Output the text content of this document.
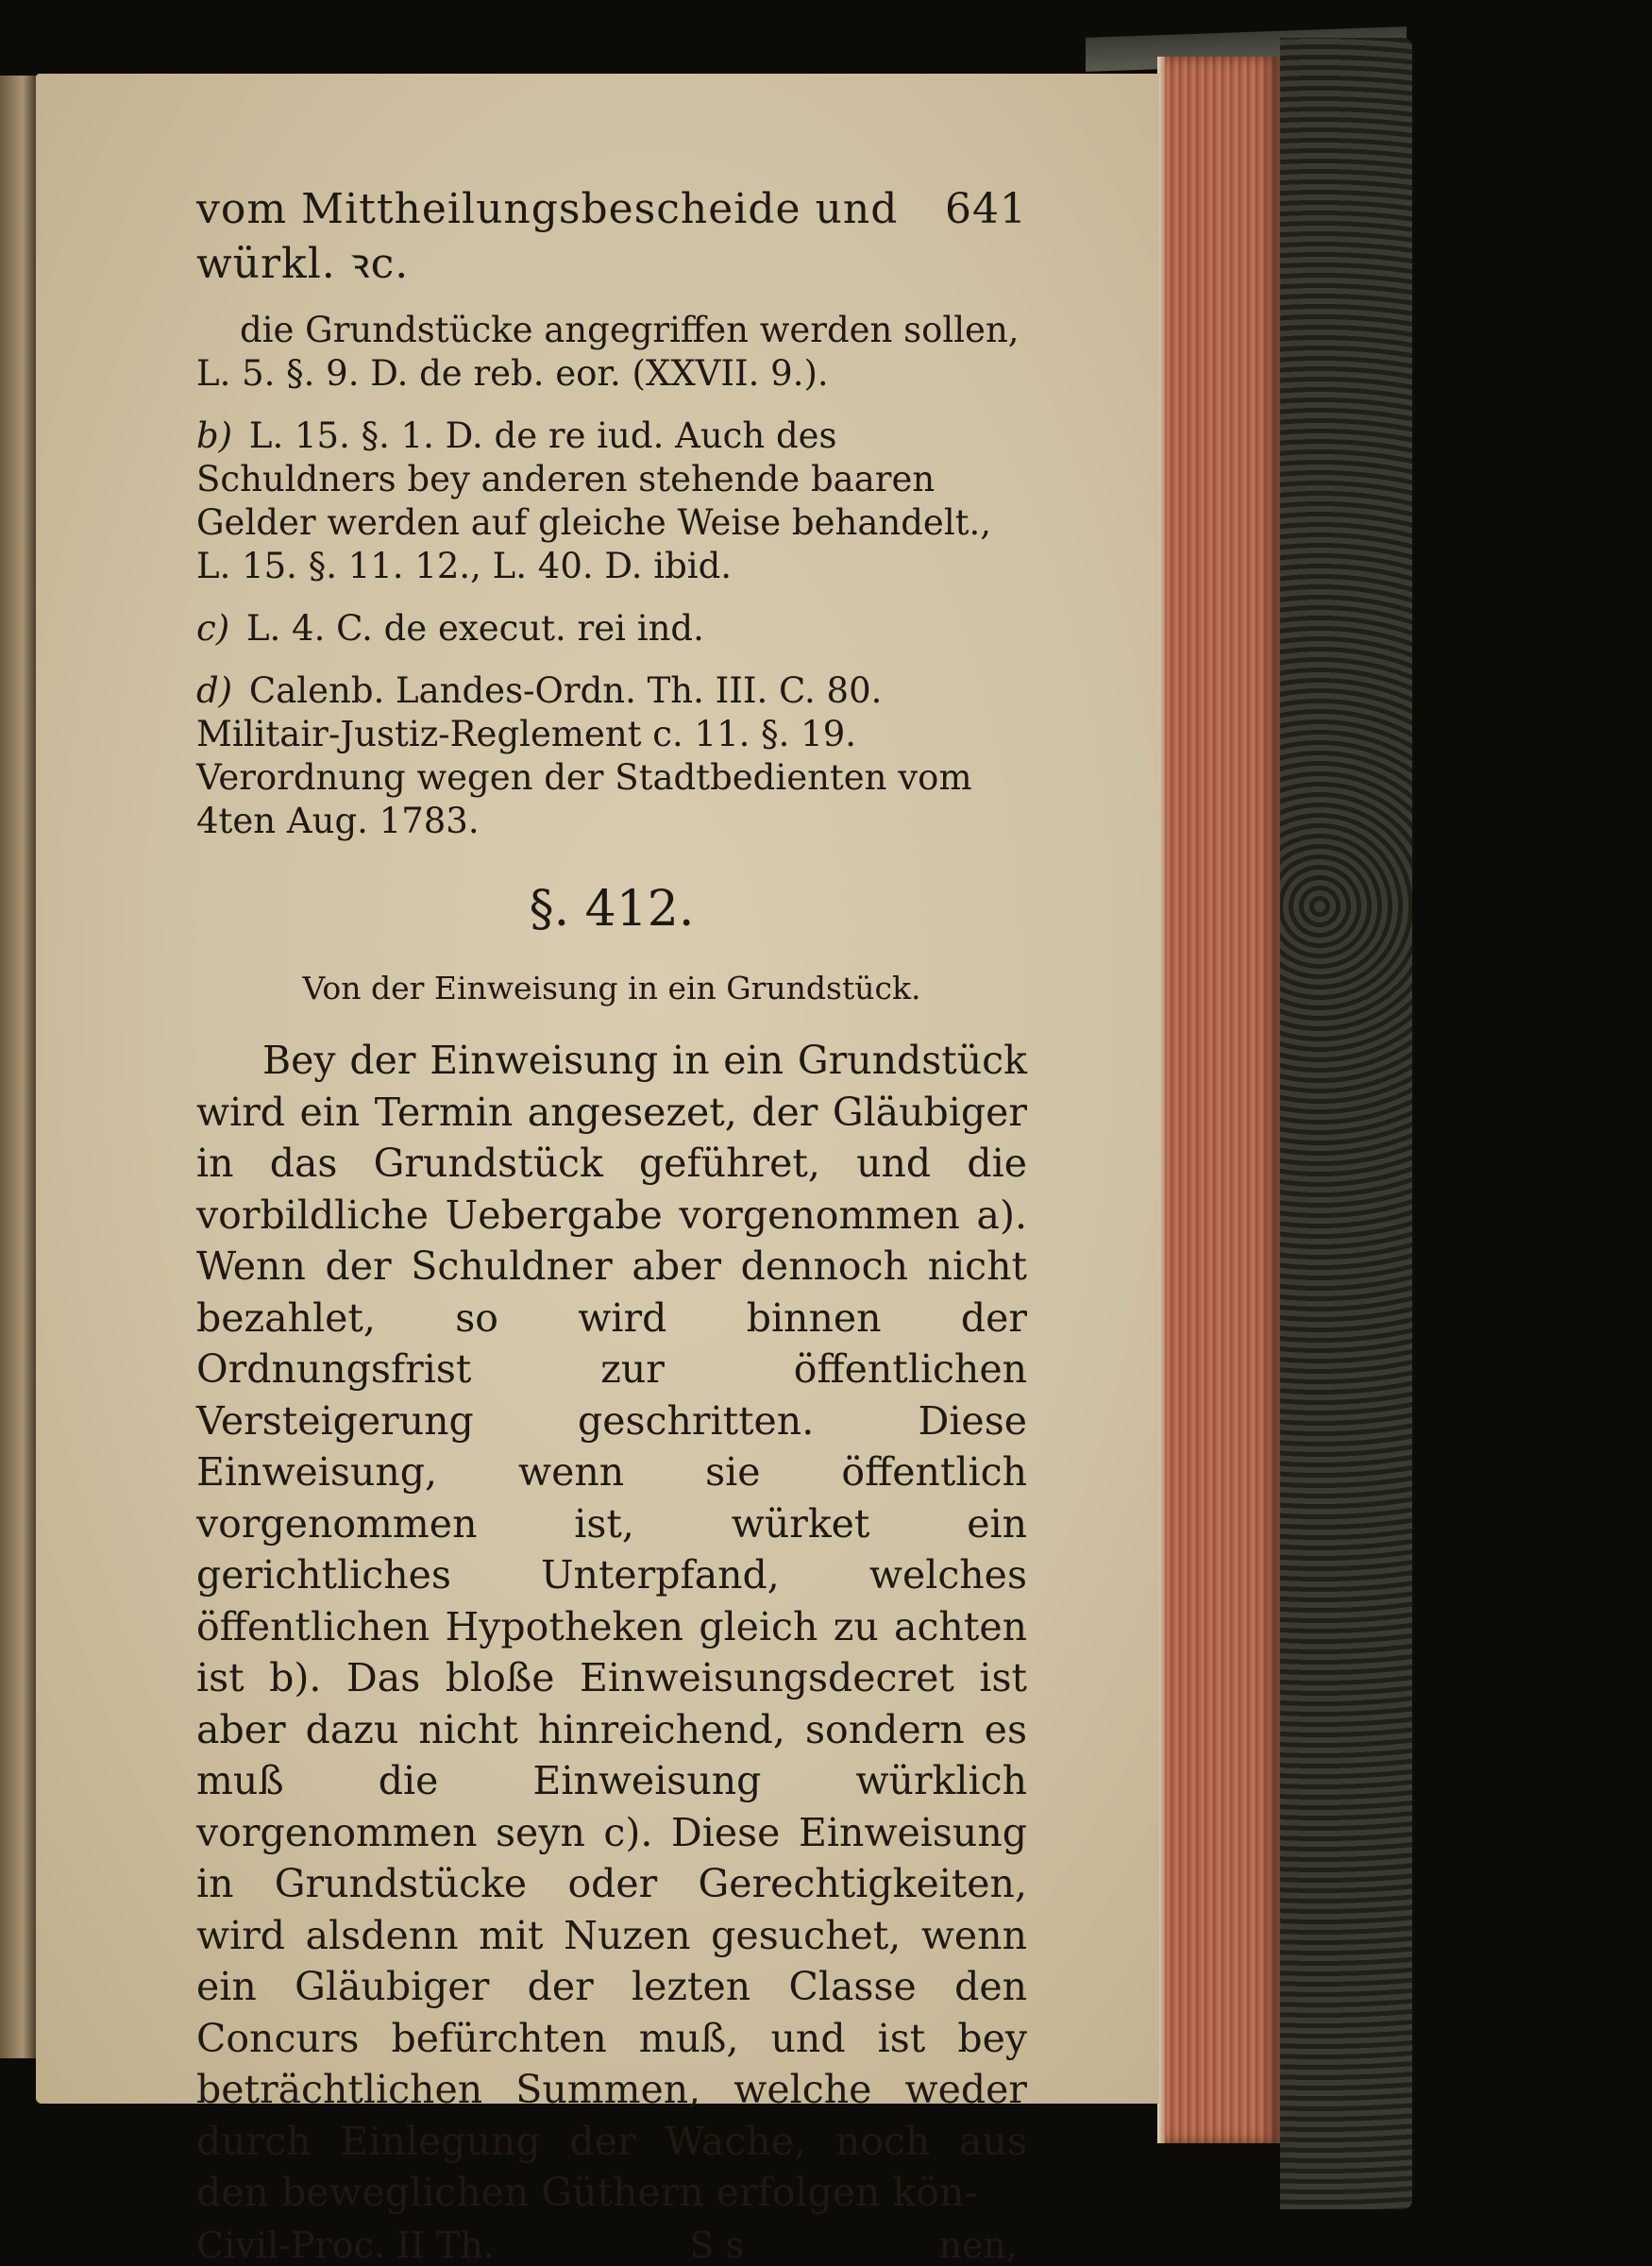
vom Mittheilungsbescheide und würkl. ꝛc.
641

die Grundstücke angegriffen werden sollen, L. 5. §. 9. D. de reb. eor. (XXVII. 9.).

b) L. 15. §. 1. D. de re iud. Auch des Schuldners bey anderen stehende baaren Gelder werden auf gleiche Weise behandelt., L. 15. §. 11. 12., L. 40. D. ibid.

c) L. 4. C. de execut. rei ind.

d) Calenb. Landes-Ordn. Th. III. C. 80. Militair-Justiz-Reglement c. 11. §. 19. Verordnung wegen der Stadtbedienten vom 4ten Aug. 1783.

§. 412.
Von der Einweisung in ein Grundstück.

Bey der Einweisung in ein Grundstück wird ein Termin angesezet, der Gläubiger in das Grundstück geführet, und die vorbildliche Uebergabe vorgenommen a). Wenn der Schuldner aber dennoch nicht bezahlet, so wird binnen der Ordnungsfrist zur öffentlichen Versteigerung geschritten. Diese Einweisung, wenn sie öffentlich vorgenommen ist, würket ein gerichtliches Unterpfand, welches öffentlichen Hypotheken gleich zu achten ist b). Das bloße Einweisungsdecret ist aber dazu nicht hinreichend, sondern es muß die Einweisung würklich vorgenommen seyn c). Diese Einweisung in Grundstücke oder Gerechtigkeiten, wird alsdenn mit Nuzen gesuchet, wenn ein Gläubiger der lezten Classe den Concurs befürchten muß, und ist bey beträchtlichen Summen, welche weder durch Einlegung der Wache, noch aus den beweglichen Güthern erfolgen kön-

Civil-Proc. II Th.	S s	nen,
